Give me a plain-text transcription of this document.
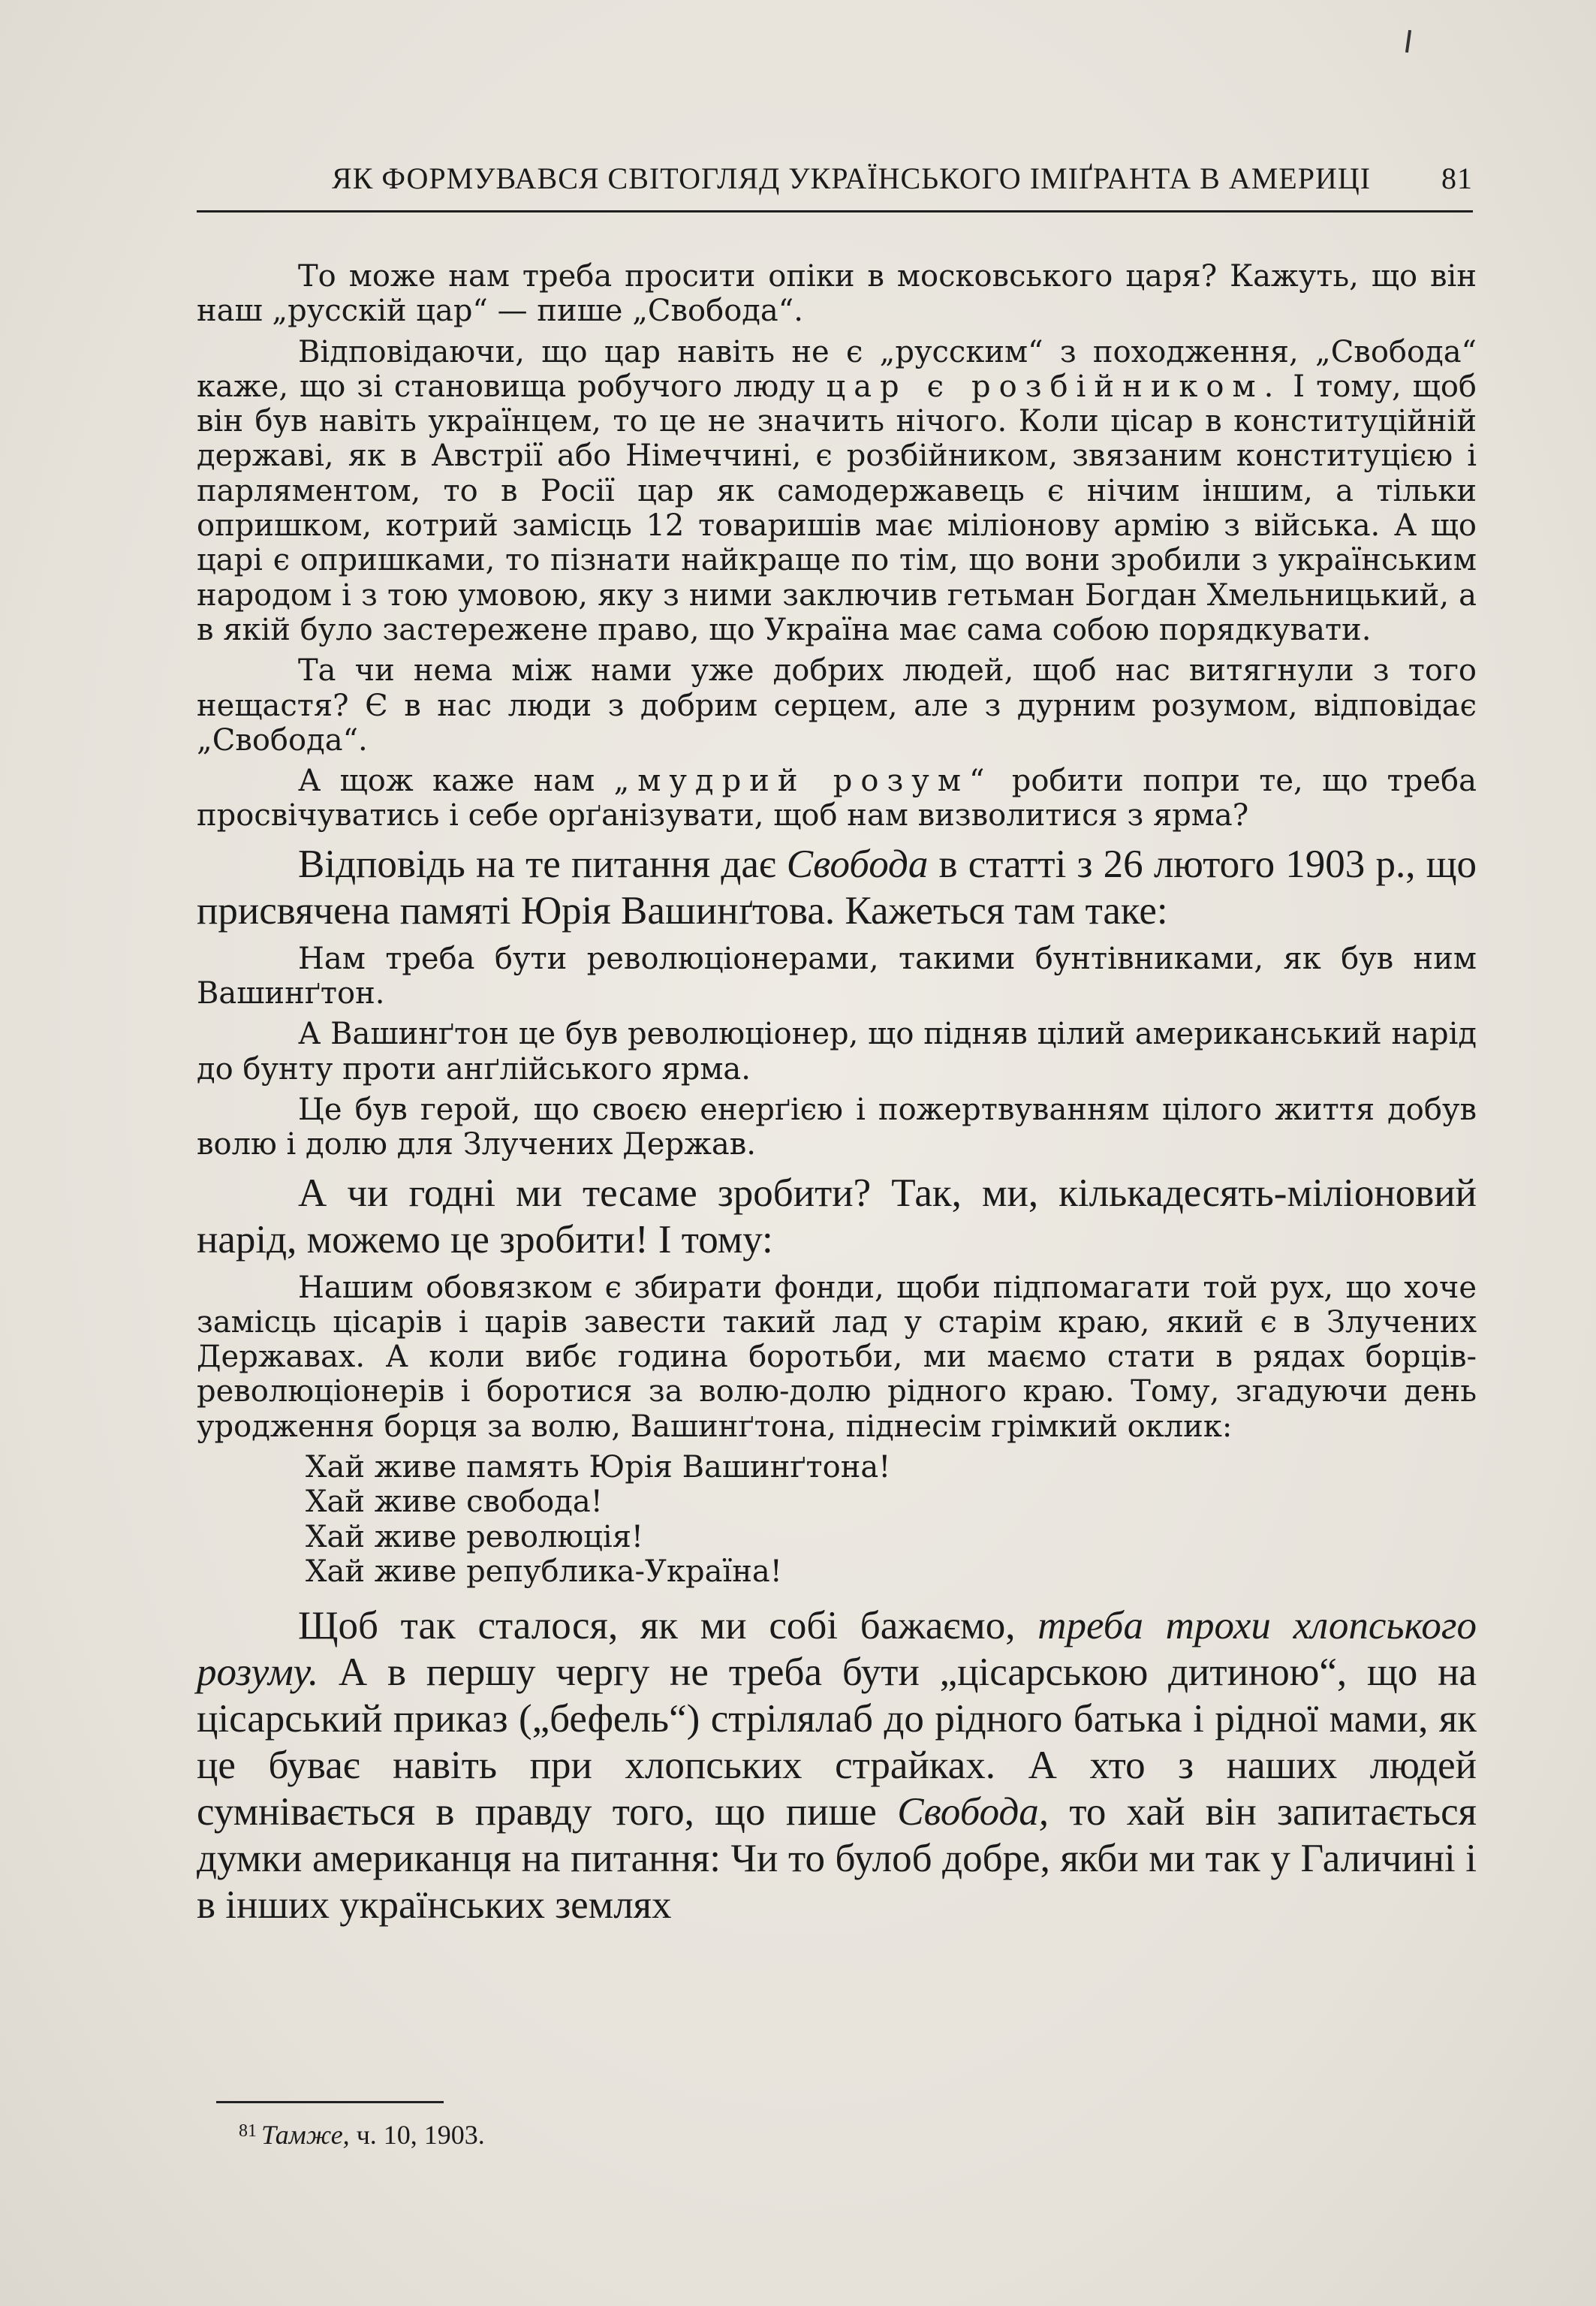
ЯК ФОРМУВАВСЯ СВІТОГЛЯД УКРАЇНСЬКОГО ІМІҐРАНТА В АМЕРИЦІ 81

То може нам треба просити опіки в московського царя? Кажуть, що він наш „русскій цар“ — пише „Свобода“.

Відповідаючи, що цар навіть не є „русским“ з походження, „Свобода“ каже, що зі становища робучого люду цар є розбійником. І тому, щоб він був навіть українцем, то це не значить нічого. Коли цісар в конституційній державі, як в Австрії або Німеччині, є розбійником, звязаним конституцією і парляментом, то в Росії цар як самодержавець є нічим іншим, а тільки опришком, котрий замісць 12 товаришів має міліонову армію з війська. А що царі є опришками, то пізнати найкраще по тім, що вони зробили з українським народом і з тою умовою, яку з ними заключив гетьман Богдан Хмельницький, а в якій було застережене право, що Україна має сама собою порядкувати.

Та чи нема між нами уже добрих людей, щоб нас витягнули з того нещастя? Є в нас люди з добрим серцем, але з дурним розумом, відповідає „Свобода“.

А щож каже нам „мудрий розум“ робити попри те, що треба просвічуватись і себе орґанізувати, щоб нам визволитися з ярма?

Відповідь на те питання дає Свобода в статті з 26 лютого 1903 р., що присвячена памяті Юрія Вашинґтова. Кажеться там таке:

Нам треба бути революціонерами, такими бунтівниками, як був ним Вашинґтон.

А Вашинґтон це був революціонер, що підняв цілий американський нарід до бунту проти анґлійського ярма.

Це був герой, що своєю енерґією і пожертвуванням цілого життя добув волю і долю для Злучених Держав.

А чи годні ми тесаме зробити? Так, ми, кількадесять-міліоновий нарід, можемо це зробити! І тому:

Нашим обовязком є збирати фонди, щоби підпомагати той рух, що хоче замісць цісарів і царів завести такий лад у старім краю, який є в Злучених Державах. А коли вибє година боротьби, ми маємо стати в рядах борців-революціонерів і боротися за волю-долю рідного краю. Тому, згадуючи день уродження борця за волю, Вашинґтона, піднесім грімкий оклик:

Хай живе память Юрія Вашинґтона!
Хай живе свобода!
Хай живе революція!
Хай живе република-Україна!

Щоб так сталося, як ми собі бажаємо, треба трохи хлопського розуму. А в першу чергу не треба бути „цісарською дитиною“, що на цісарський приказ („бефель“) стрілялаб до рідного батька і рідної мами, як це буває навіть при хлопських страйках. А хто з наших людей сумнівається в правду того, що пише Свобода, то хай він запитається думки американця на питання: Чи то булоб добре, якби ми так у Галичині і в інших українських землях

$^{81}$ Тамже, ч. 10, 1903.
